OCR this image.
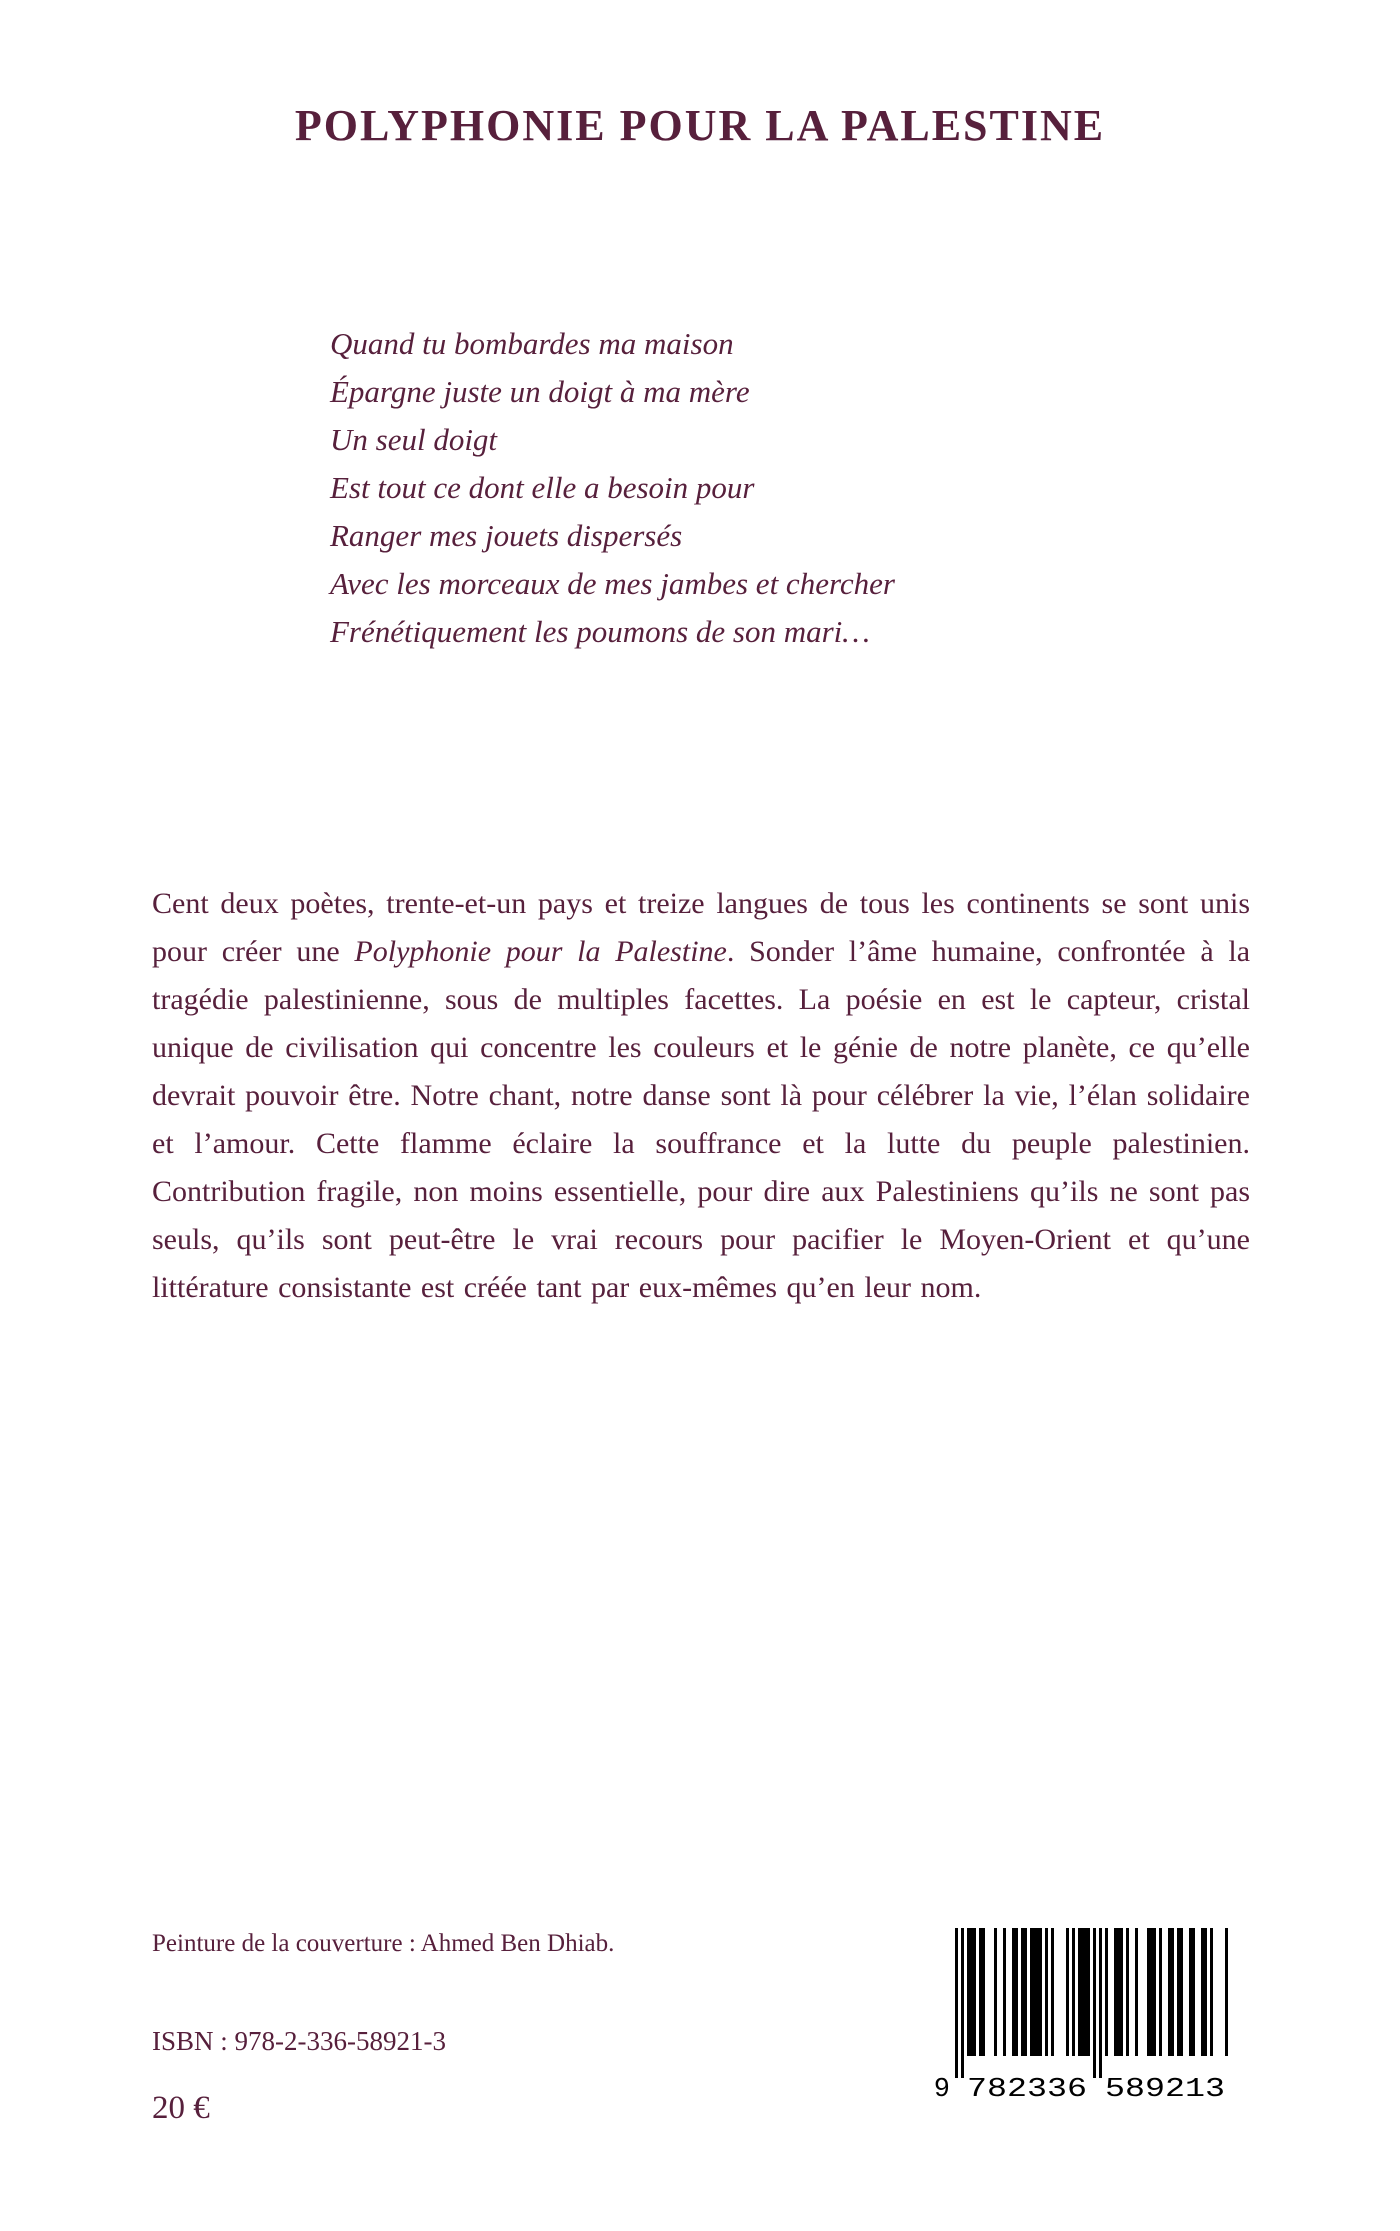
POLYPHONIE POUR LA PALESTINE
Quand tu bombardes ma maison
Épargne juste un doigt à ma mère
Un seul doigt
Est tout ce dont elle a besoin pour
Ranger mes jouets dispersés
Avec les morceaux de mes jambes et chercher
Frénétiquement les poumons de son mari…

Cent deux poètes, trente-et-un pays et treize langues de tous les continents se sont unis pour créer une Polyphonie pour la Palestine. Sonder l’âme humaine, confrontée à la tragédie palestinienne, sous de multiples facettes. La poésie en est le capteur, cristal unique de civilisation qui concentre les couleurs et le génie de notre planète, ce qu’elle devrait pouvoir être. Notre chant, notre danse sont là pour célébrer la vie, l’élan solidaire et l’amour. Cette flamme éclaire la souffrance et la lutte du peuple palestinien. Contribution fragile, non moins essentielle, pour dire aux Palestiniens qu’ils ne sont pas seuls, qu’ils sont peut-être le vrai recours pour pacifier le Moyen-Orient et qu’une littérature consistante est créée tant par eux-mêmes qu’en leur nom.

Peinture de la couverture : Ahmed Ben Dhiab.
ISBN : 978-2-336-58921-3
20 €	9 782336 589213
